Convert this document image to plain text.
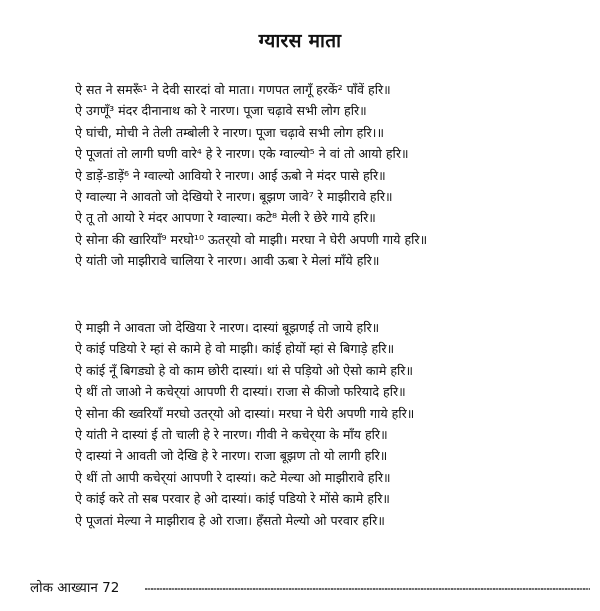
ग्यारस माता
ऐ सत ने समरूँ¹ ने देवी सारदां वो माता। गणपत लागूँ हरकें² पाँवें हरि॥
ऐ उगणूँ³ मंदर दीनानाथ को रे नारण। पूजा चढ़ावे सभी लोग हरि॥
ऐ घांची, मोची ने तेली तम्बोली रे नारण। पूजा चढ़ावे सभी लोग हरि।॥
ऐ पूजतां तो लागी घणी वारे⁴ हे रे नारण। एके ग्वाल्यो⁵ ने वां तो आयो हरि॥
ऐ डाड़ें-डाड़ें⁶ ने ग्वाल्यो आवियो रे नारण। आई ऊबो ने मंदर पासे हरि॥
ऐ ग्वाल्या ने आवतो जो देखियो रे नारण। बूझण जावे⁷ रे माझीरावे हरि॥
ऐ तू तो आयो रे मंदर आपणा रे ग्वाल्या। कटे⁸ मेली रे छेरे गाये हरि॥
ऐ सोना की खारियाँ⁹ मरघो¹⁰ ऊतर्‌यो वो माझी। मरघा ने घेरी अपणी गाये हरि॥
ऐ यांती जो माझीरावे चालिया रे नारण। आवी ऊबा रे मेलां माँये हरि॥
ऐ माझी ने आवता जो देखिया रे नारण। दास्यां बूझणई तो जाये हरि॥
ऐ कांई पडियो रे म्हां से कामे हे वो माझी। कांई होयों म्हां से बिगाड़े हरि॥
ऐ कांई नूँ बिगड्यो हे वो काम छोरी दास्यां। थां से पड़ियो ओ ऐसो कामे हरि॥
ऐ थीं तो जाओ ने कचेर्‌यां आपणी री दास्यां। राजा से कीजो फरियादे हरि॥
ऐ सोना की ख्वरियाँ मरघो उतर्‌यो ओ दास्यां। मरघा ने घेरी अपणी गाये हरि॥
ऐ यांती ने दास्यां ई तो चाली हे रे नारण। गीवी ने कचेर्‌या के माँय हरि॥
ऐ दास्यां ने आवती जो देखि हे रे नारण। राजा बूझण तो यो लागी हरि॥
ऐ थीं तो आपी कचेर्‌यां आपणी रे दास्यां। कटे मेल्या ओ माझीरावे हरि॥
ऐ कांई करे तो सब परवार हे ओ दास्यां। कांई पडियो रे मोंसे कामे हरि॥
ऐ पूजतां मेल्या ने माझीराव हे ओ राजा। हँसतो मेल्यो ओ परवार हरि॥
लोक आख्यान 72
